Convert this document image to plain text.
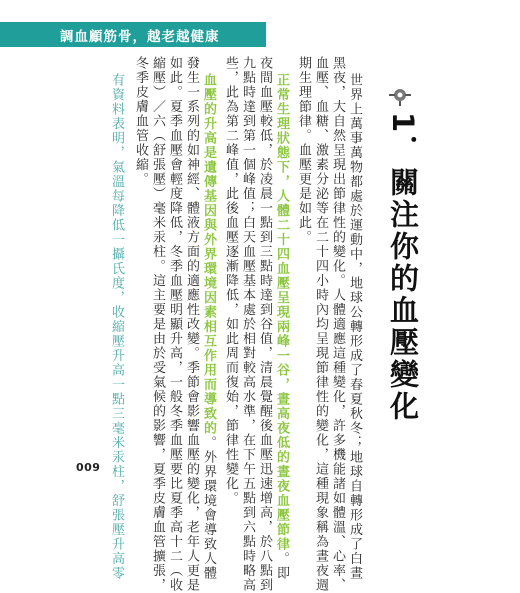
調血顧筋骨，越老越健康
1．關注你的血壓變化
世界上萬事萬物都處於運動中，地球公轉形成了春夏秋冬；地球自轉形成了白晝
黑夜，大自然呈現出節律性的變化。人體適應這種變化，許多機能諸如體溫、心率、
血壓、血糖、激素分泌等在二十四小時內均呈現節律性的變化，這種現象稱為晝夜週
期生理節律。血壓更是如此。
正常生理狀態下，人體二十四血壓呈現兩峰一谷，晝高夜低的晝夜血壓節律。即
夜間血壓較低，於凌晨一點到三點時達到谷值，清晨覺醒後血壓迅速增高，於八點到
九點時達到第一個峰值；白天血壓基本處於相對較高水準，在下午五點到六點時略高
些，此為第二峰值，此後血壓逐漸降低，如此周而復始，節律性變化。
血壓的升高是遺傳基因與外界環境因素相互作用而導致的。外界環境會導致人體
發生一系列的如神經、體液方面的適應性改變。季節會影響血壓的變化，老年人更是
如此。夏季血壓會輕度降低，冬季血壓明顯升高，一般冬季血壓要比夏季高十二（收
縮壓）／六（舒張壓）毫米汞柱。這主要是由於受氣候的影響，夏季皮膚血管擴張，
冬季皮膚血管收縮。
有資料表明，氣溫每降低一攝氏度，收縮壓升高一點三毫米汞柱，舒張壓升高零
009
